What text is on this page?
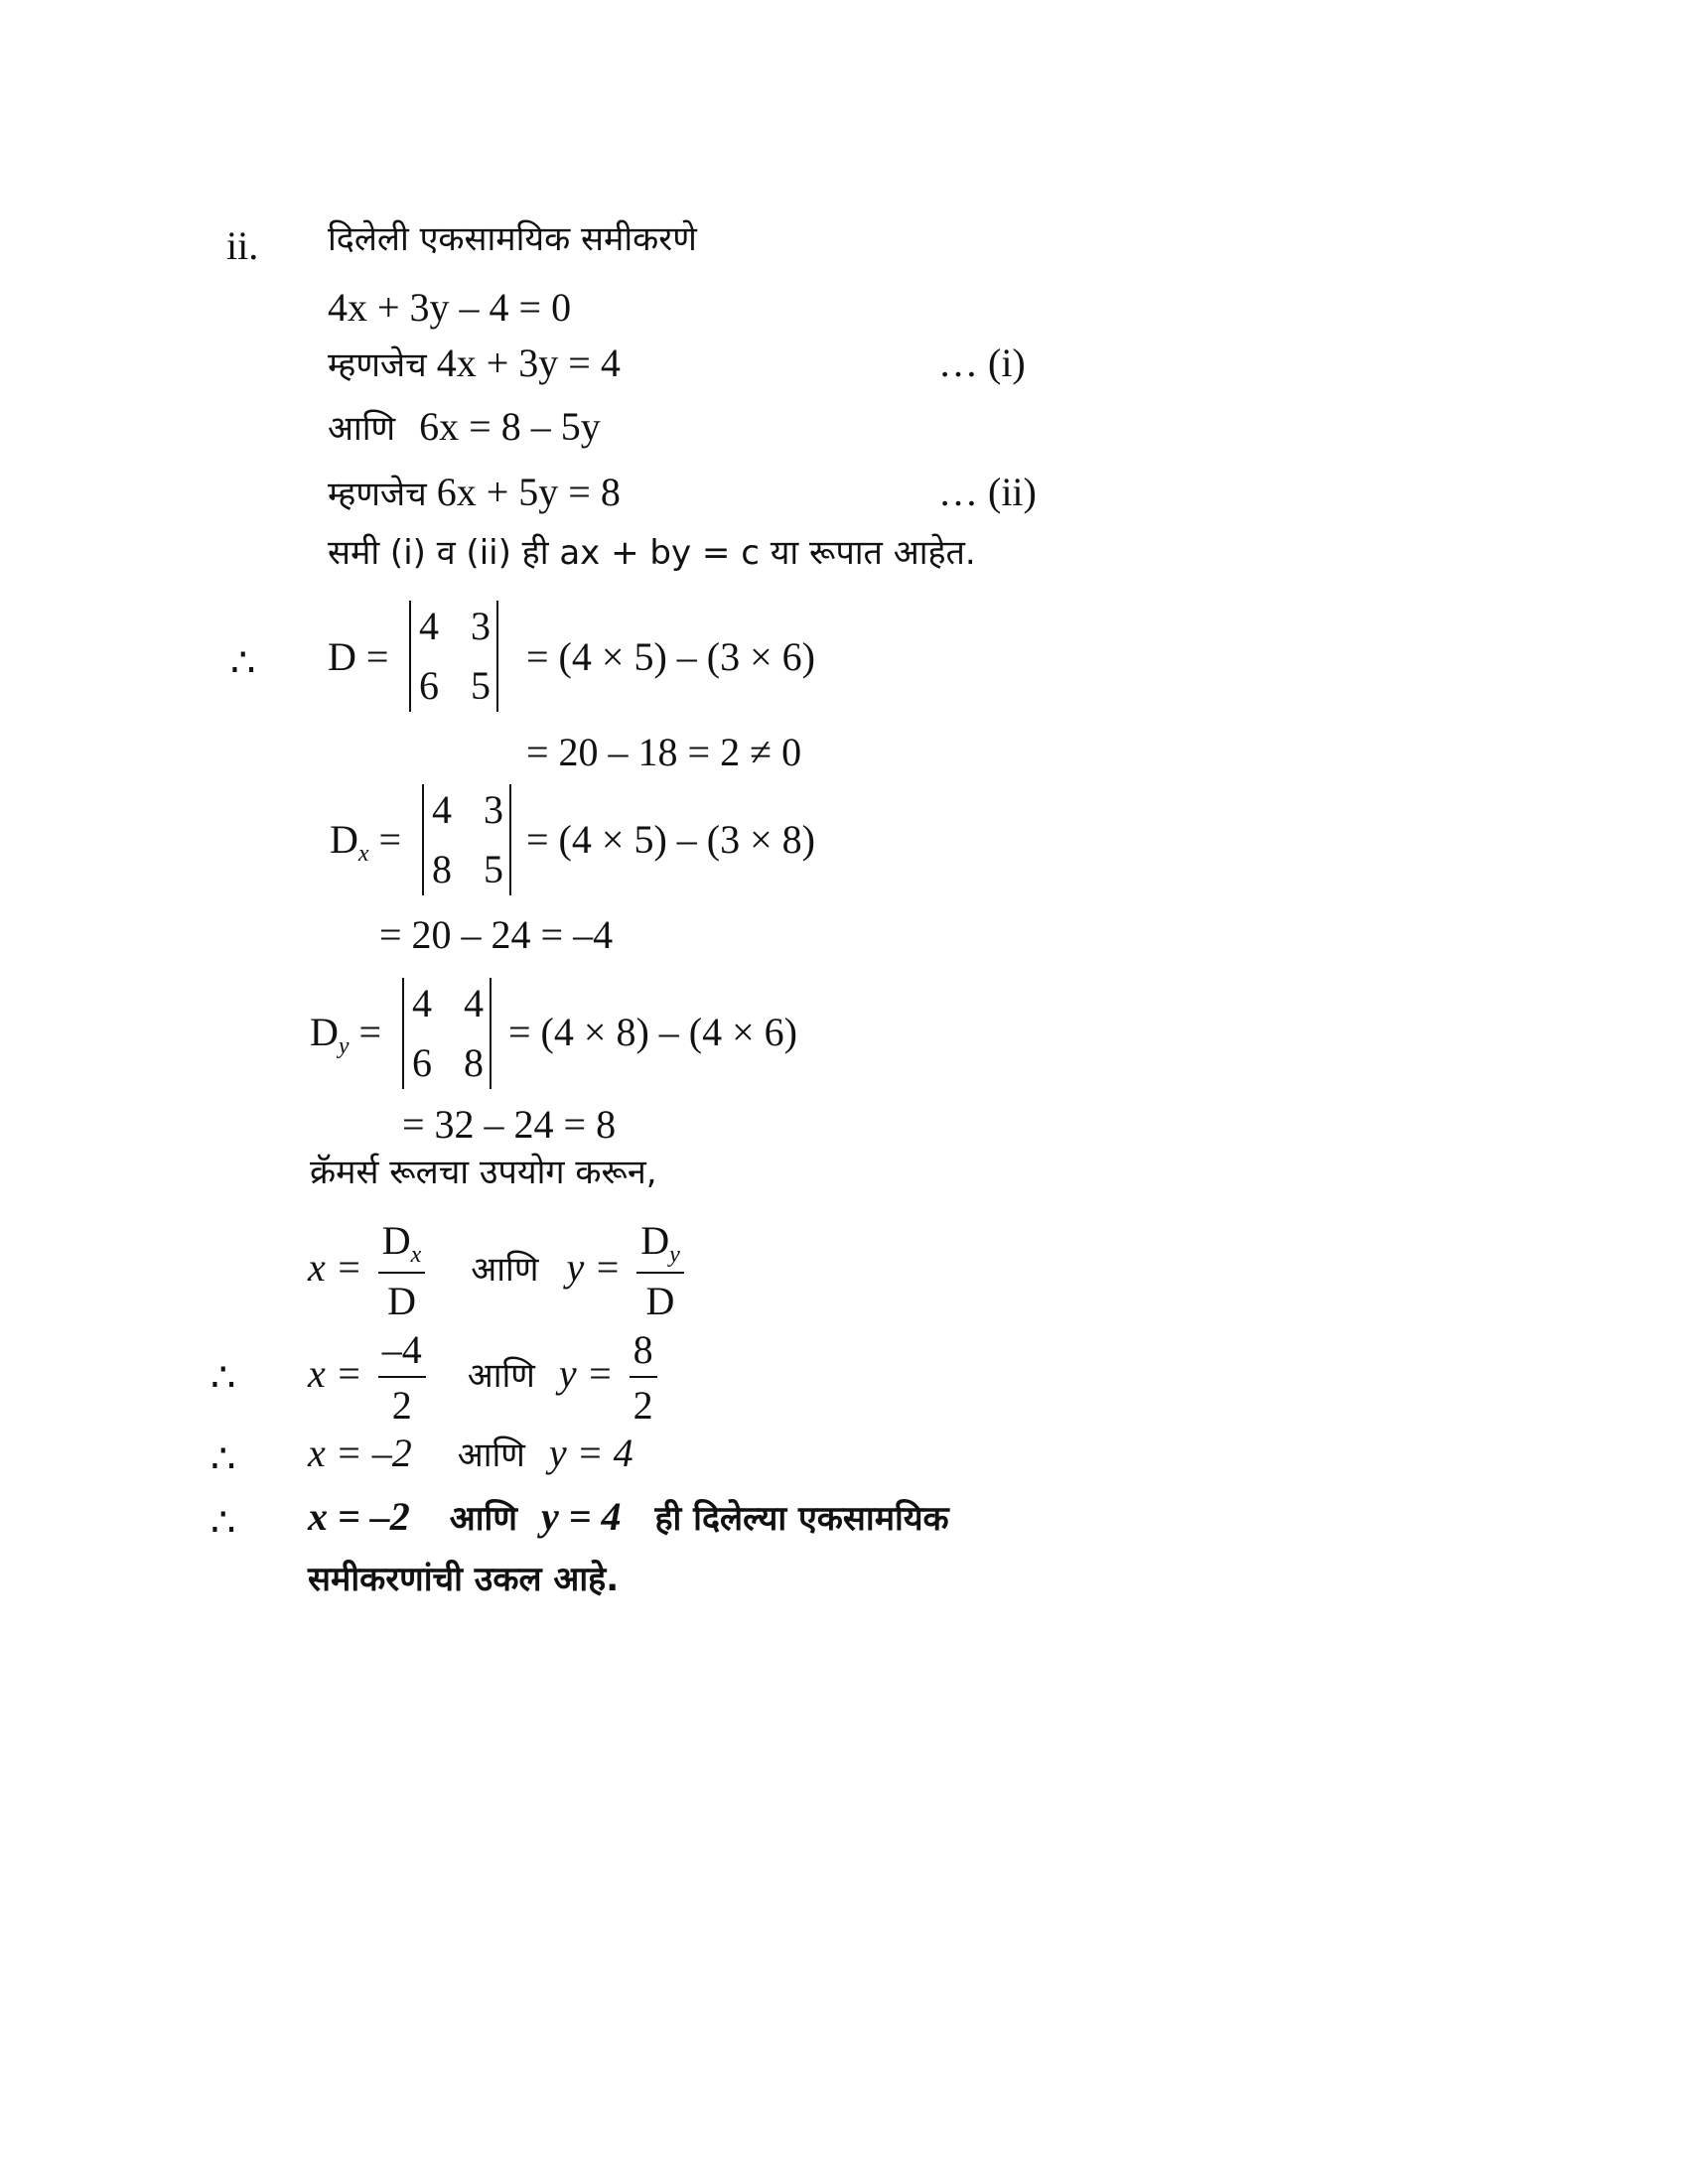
ii. दिलेली एकसामयिक समीकरणे
4x + 3y – 4 = 0
म्हणजेच 4x + 3y = 4	… (i)
आणि 6x = 8 – 5y
म्हणजेच 6x + 5y = 8	… (ii)
समी (i) व (ii) ही ax + by = c या रूपात आहेत.
∴ D =
4 3
6 5
= (4 × 5) – (3 × 6)
= 20 – 18 = 2 ≠ 0
$D_x$ =
4 3
8 5
= (4 × 5) – (3 × 8)
= 20 – 24 = –4
$D_y$ =
4 4
6 8
= (4 × 8) – (4 × 6)
= 32 – 24 = 8
क्रॅमर्स रूलचा उपयोग करून,
$x = \frac{D_x}{D}$ आणि $y = \frac{D_y}{D}$
∴ $x = \frac{-4}{2}$ आणि $y = \frac{8}{2}$
∴ x = –2 आणि y = 4
∴ x = –2 आणि y = 4 ही दिलेल्या एकसामयिक
समीकरणांची उकल आहे.
